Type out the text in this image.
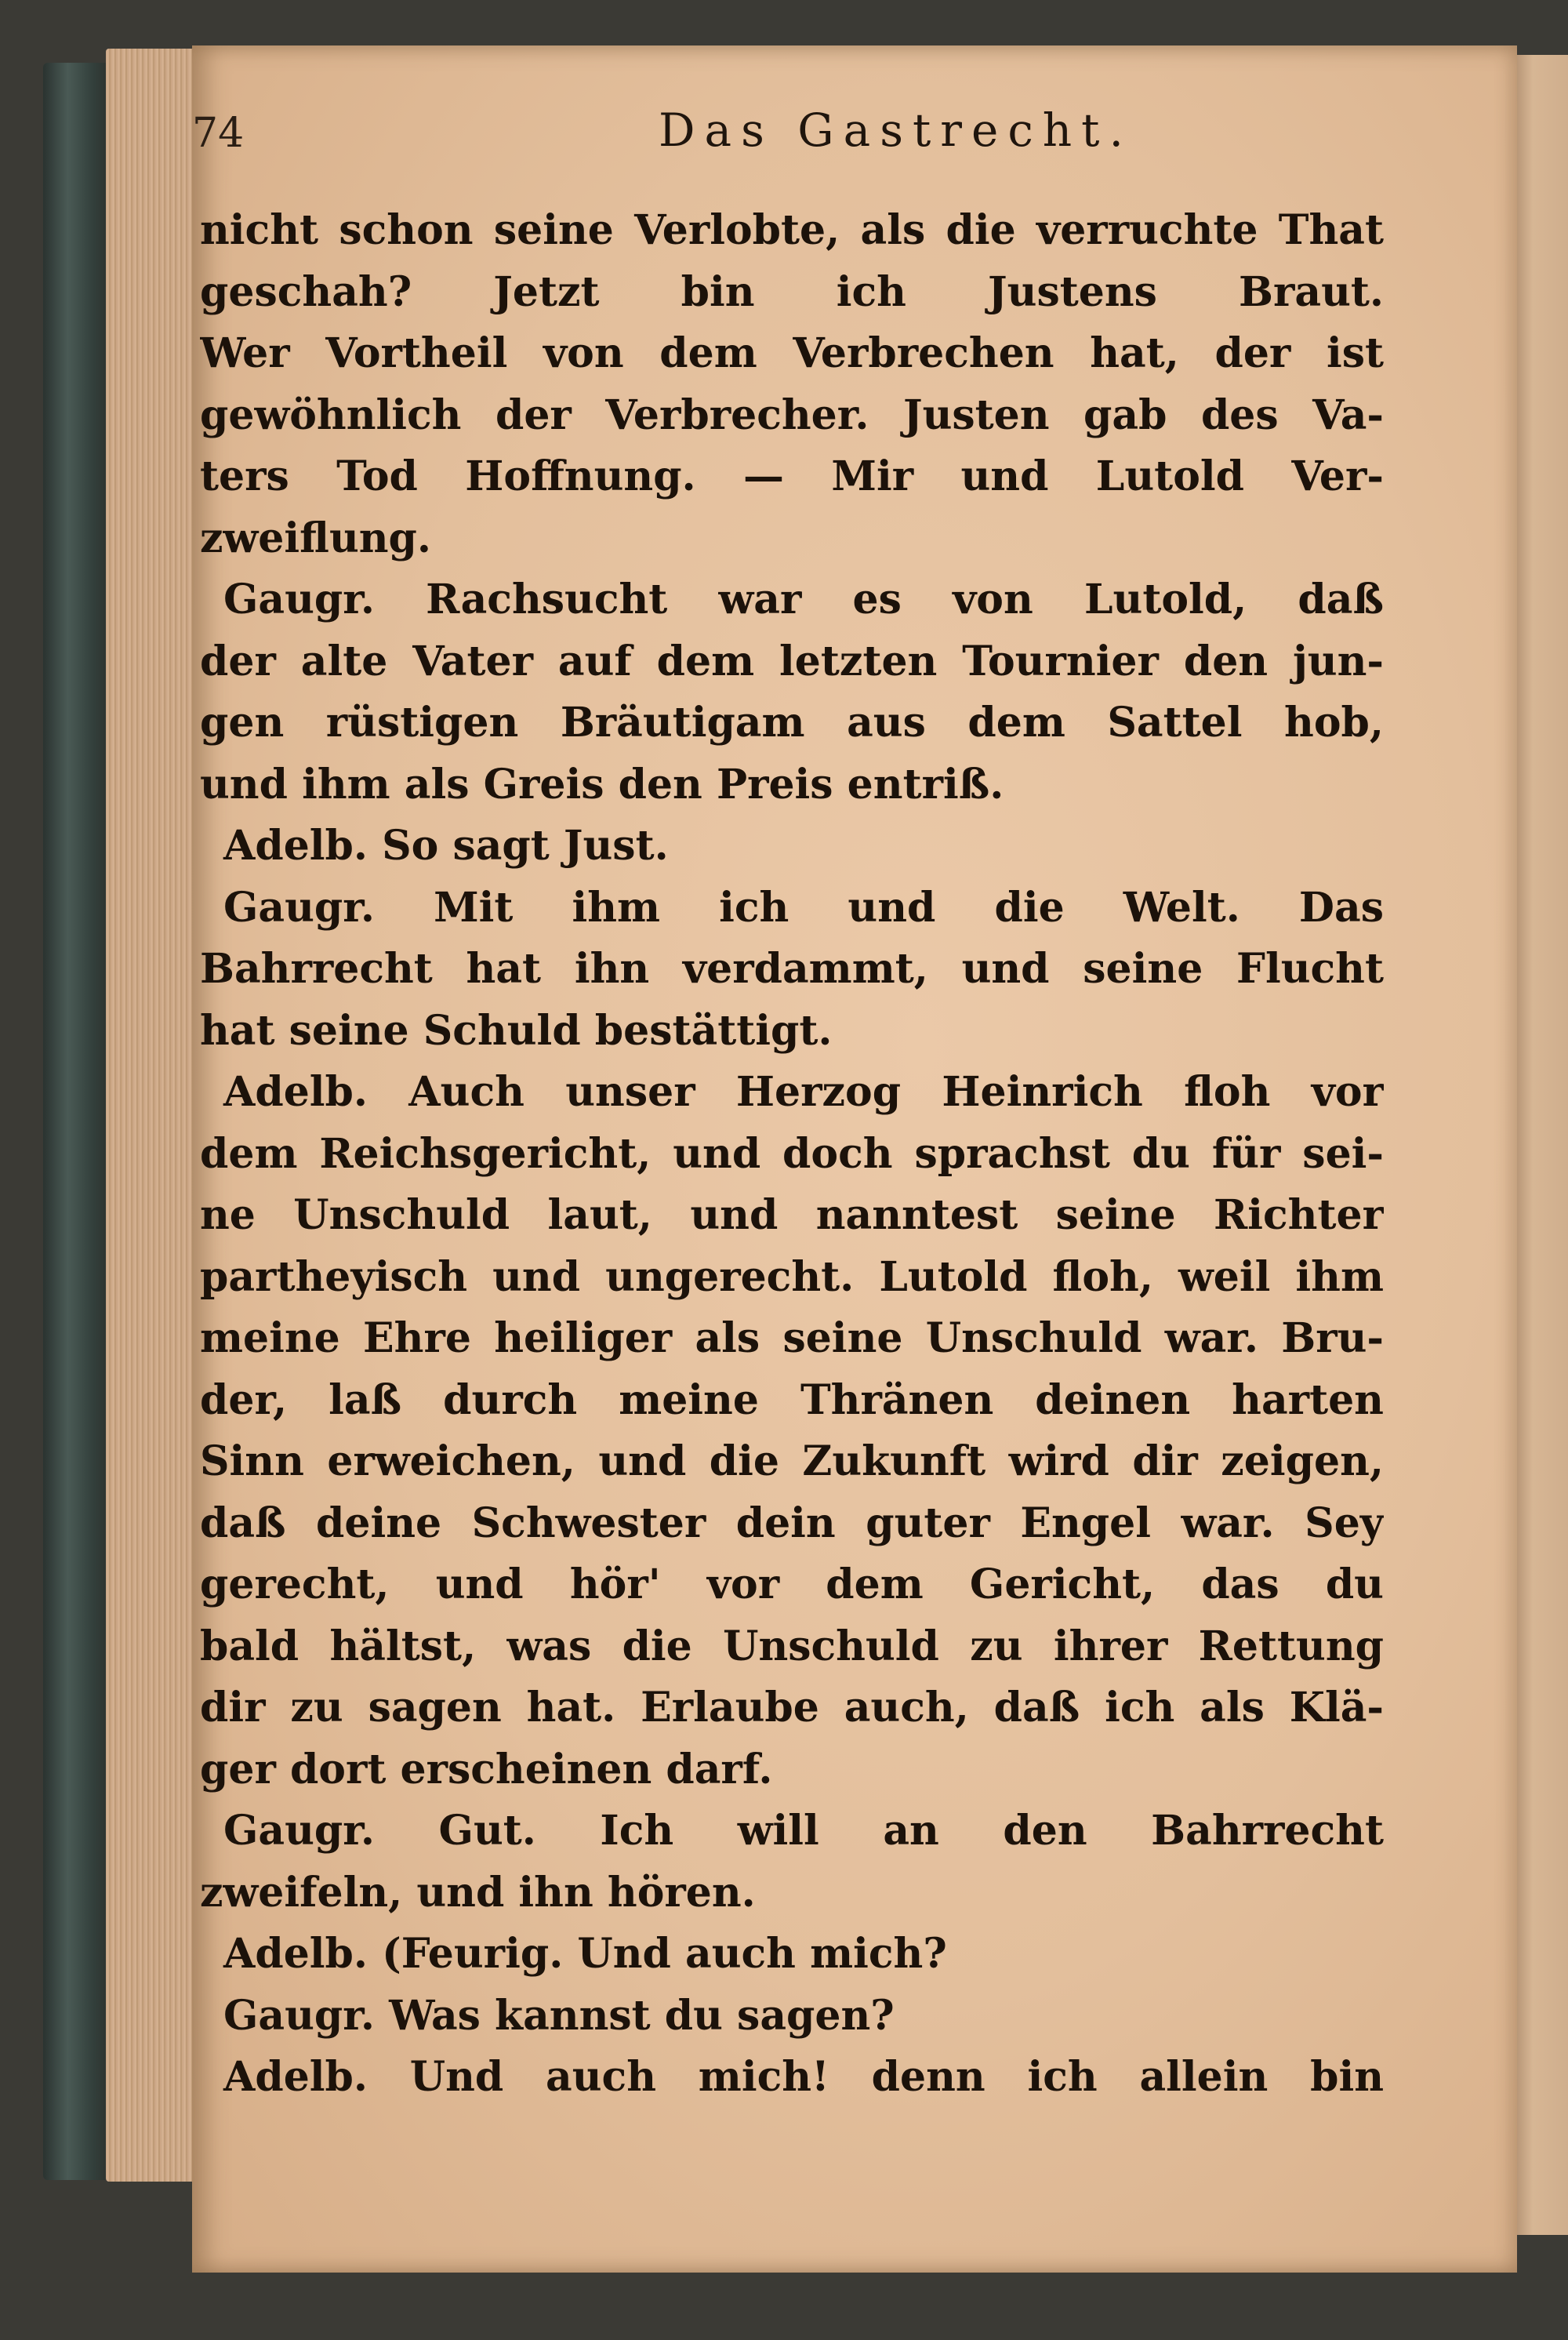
74	Das Gastrecht.
nicht schon seine Verlobte, als die verruchte That
geschah? Jetzt bin ich Justens Braut.
Wer Vortheil von dem Verbrechen hat, der ist
gewöhnlich der Verbrecher. Justen gab des Va-
ters Tod Hoffnung. — Mir und Lutold Ver-
zweiflung.
Gaugr. Rachsucht war es von Lutold, daß
der alte Vater auf dem letzten Tournier den jun-
gen rüstigen Bräutigam aus dem Sattel hob,
und ihm als Greis den Preis entriß.
Adelb. So sagt Just.
Gaugr. Mit ihm ich und die Welt. Das
Bahrrecht hat ihn verdammt, und seine Flucht
hat seine Schuld bestättigt.
Adelb. Auch unser Herzog Heinrich floh vor
dem Reichsgericht, und doch sprachst du für sei-
ne Unschuld laut, und nanntest seine Richter
partheyisch und ungerecht. Lutold floh, weil ihm
meine Ehre heiliger als seine Unschuld war. Bru-
der, laß durch meine Thränen deinen harten
Sinn erweichen, und die Zukunft wird dir zeigen,
daß deine Schwester dein guter Engel war. Sey
gerecht, und hör' vor dem Gericht, das du
bald hältst, was die Unschuld zu ihrer Rettung
dir zu sagen hat. Erlaube auch, daß ich als Klä-
ger dort erscheinen darf.
Gaugr. Gut. Ich will an den Bahrrecht
zweifeln, und ihn hören.
Adelb. (Feurig. Und auch mich?
Gaugr. Was kannst du sagen?
Adelb. Und auch mich! denn ich allein bin
